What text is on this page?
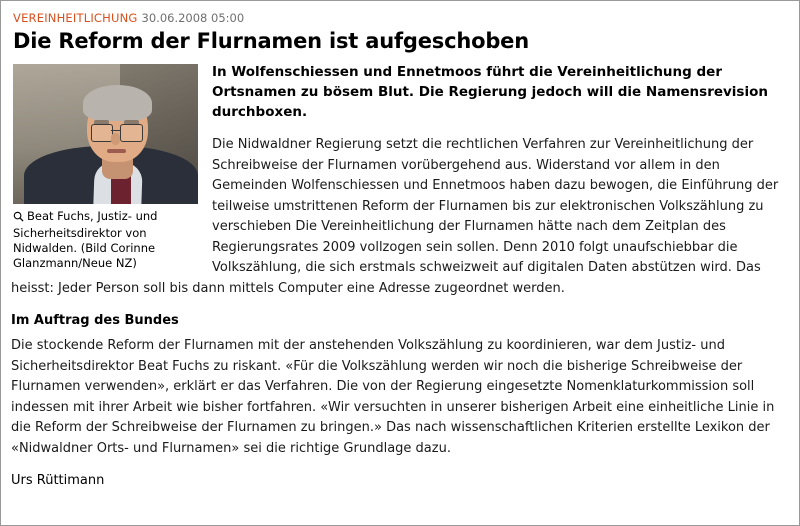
VEREINHEITLICHUNG 30.06.2008 05:00
Die Reform der Flurnamen ist aufgeschoben
Beat Fuchs, Justiz- und Sicherheitsdirektor von Nidwalden. (Bild Corinne Glanzmann/Neue NZ)

In Wolfenschiessen und Ennetmoos führt die Vereinheitlichung der Ortsnamen zu bösem Blut. Die Regierung jedoch will die Namensrevision durchboxen.

Die Nidwaldner Regierung setzt die rechtlichen Verfahren zur Vereinheitlichung der Schreibweise der Flurnamen vorübergehend aus. Widerstand vor allem in den Gemeinden Wolfenschiessen und Ennetmoos haben dazu bewogen, die Einführung der teilweise umstrittenen Reform der Flurnamen bis zur elektronischen Volkszählung zu verschieben Die Vereinheitlichung der Flurnamen hätte nach dem Zeitplan des Regierungsrates 2009 vollzogen sein sollen. Denn 2010 folgt unaufschiebbar die Volkszählung, die sich erstmals schweizweit auf digitalen Daten abstützen wird. Das heisst: Jeder Person soll bis dann mittels Computer eine Adresse zugeordnet werden.

Im Auftrag des Bundes

Die stockende Reform der Flurnamen mit der anstehenden Volkszählung zu koordinieren, war dem Justiz- und Sicherheitsdirektor Beat Fuchs zu riskant. «Für die Volkszählung werden wir noch die bisherige Schreibweise der Flurnamen verwenden», erklärt er das Verfahren. Die von der Regierung eingesetzte Nomenklaturkommission soll indessen mit ihrer Arbeit wie bisher fortfahren. «Wir versuchten in unserer bisherigen Arbeit eine einheitliche Linie in die Reform der Schreibweise der Flurnamen zu bringen.» Das nach wissenschaftlichen Kriterien erstellte Lexikon der «Nidwaldner Orts- und Flurnamen» sei die richtige Grundlage dazu.

Urs Rüttimann
